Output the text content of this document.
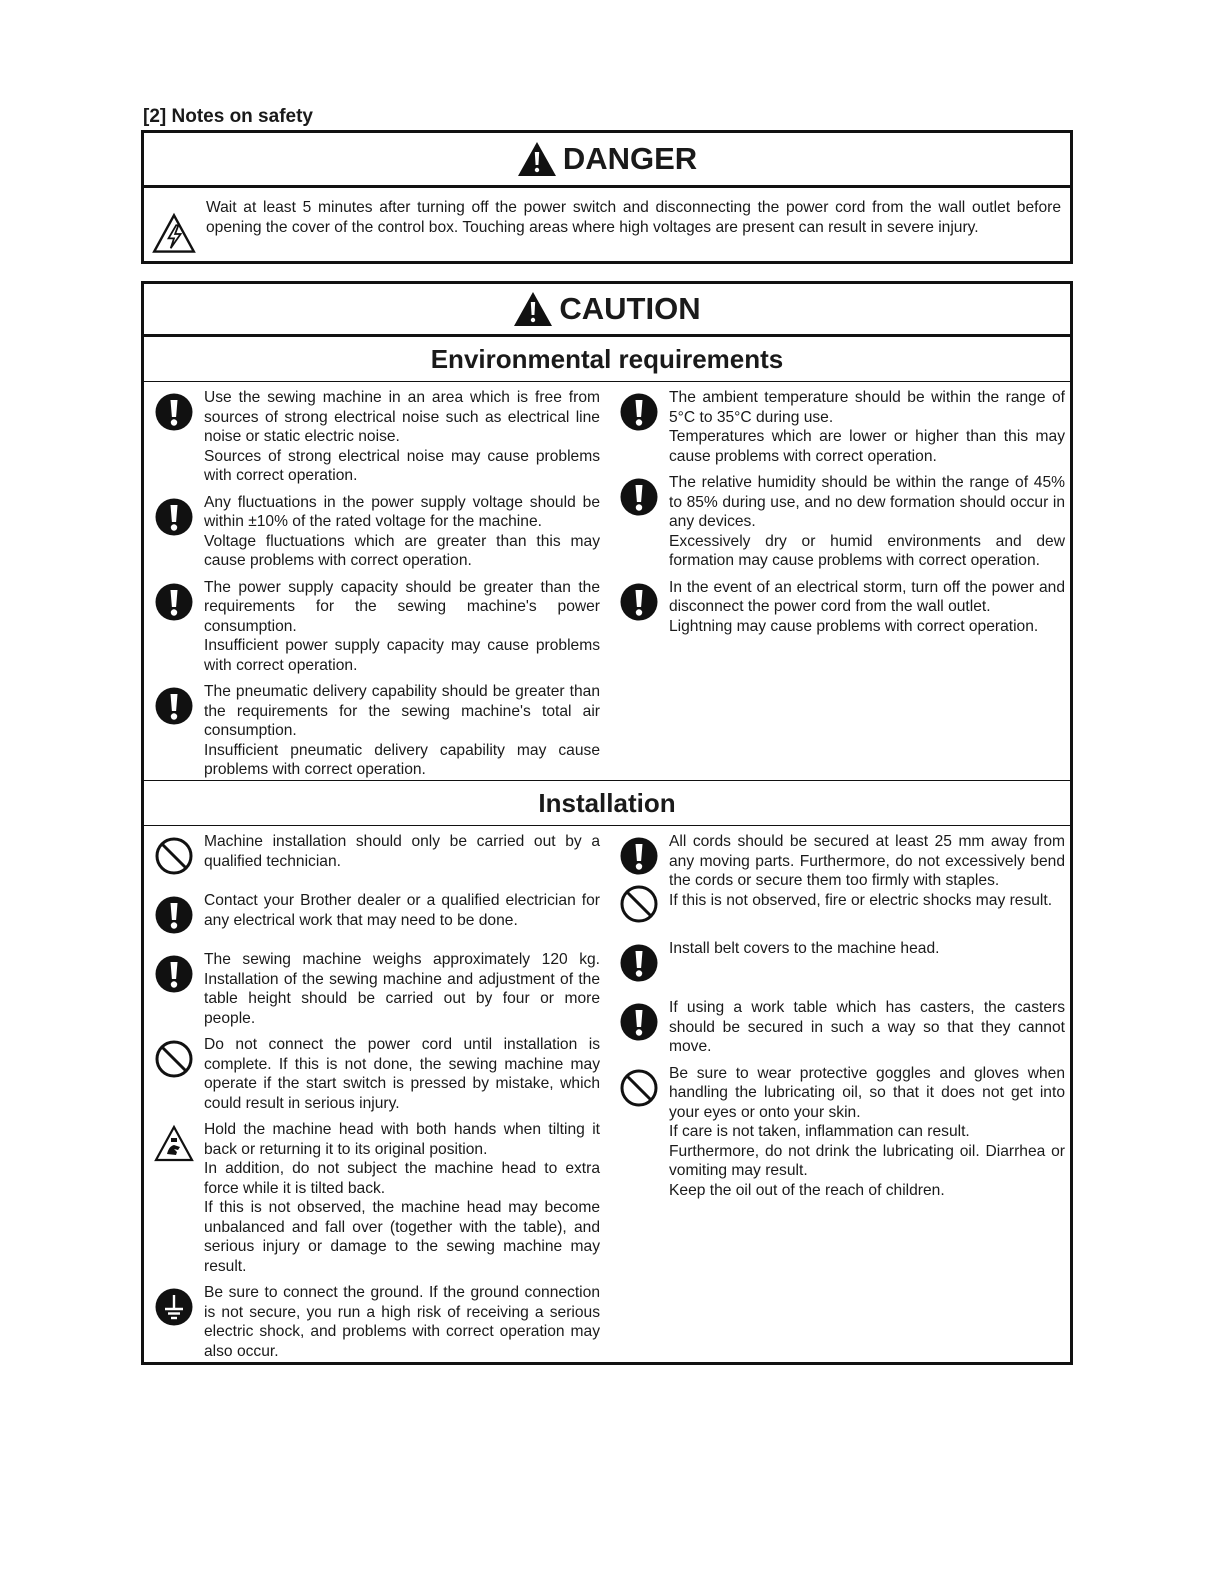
[2] Notes on safety
DANGER
Wait at least 5 minutes after turning off the power switch and disconnecting the power cord from the wall outlet before opening the cover of the control box. Touching areas where high voltages are present can result in severe injury.
CAUTION
Environmental requirements

Use the sewing machine in an area which is free from sources of strong electrical noise such as electrical line noise or static electric noise.

Sources of strong electrical noise may cause problems with correct operation.

Any fluctuations in the power supply voltage should be within ±10% of the rated voltage for the machine.

Voltage fluctuations which are greater than this may cause problems with correct operation.

The power supply capacity should be greater than the requirements for the sewing machine's power consumption.

Insufficient power supply capacity may cause problems with correct operation.

The pneumatic delivery capability should be greater than the requirements for the sewing machine's total air consumption.

Insufficient pneumatic delivery capability may cause problems with correct operation.

The ambient temperature should be within the range of 5°C to 35°C during use.

Temperatures which are lower or higher than this may cause problems with correct operation.

The relative humidity should be within the range of 45% to 85% during use, and no dew formation should occur in any devices.

Excessively dry or humid environments and dew formation may cause problems with correct operation.

In the event of an electrical storm, turn off the power and disconnect the power cord from the wall outlet.

Lightning may cause problems with correct operation.

Installation

Machine installation should only be carried out by a qualified technician.

Contact your Brother dealer or a qualified electrician for any electrical work that may need to be done.

The sewing machine weighs approximately 120 kg. Installation of the sewing machine and adjustment of the table height should be carried out by four or more people.

Do not connect the power cord until installation is complete. If this is not done, the sewing machine may operate if the start switch is pressed by mistake, which could result in serious injury.

Hold the machine head with both hands when tilting it back or returning it to its original position.

In addition, do not subject the machine head to extra force while it is tilted back.

If this is not observed, the machine head may become unbalanced and fall over (together with the table), and serious injury or damage to the sewing machine may result.

Be sure to connect the ground. If the ground connection is not secure, you run a high risk of receiving a serious electric shock, and problems with correct operation may also occur.

All cords should be secured at least 25 mm away from any moving parts. Furthermore, do not excessively bend the cords or secure them too firmly with staples.

If this is not observed, fire or electric shocks may result.

Install belt covers to the machine head.

If using a work table which has casters, the casters should be secured in such a way so that they cannot move.

Be sure to wear protective goggles and gloves when handling the lubricating oil, so that it does not get into your eyes or onto your skin.

If care is not taken, inflammation can result.

Furthermore, do not drink the lubricating oil. Diarrhea or vomiting may result.

Keep the oil out of the reach of children.
